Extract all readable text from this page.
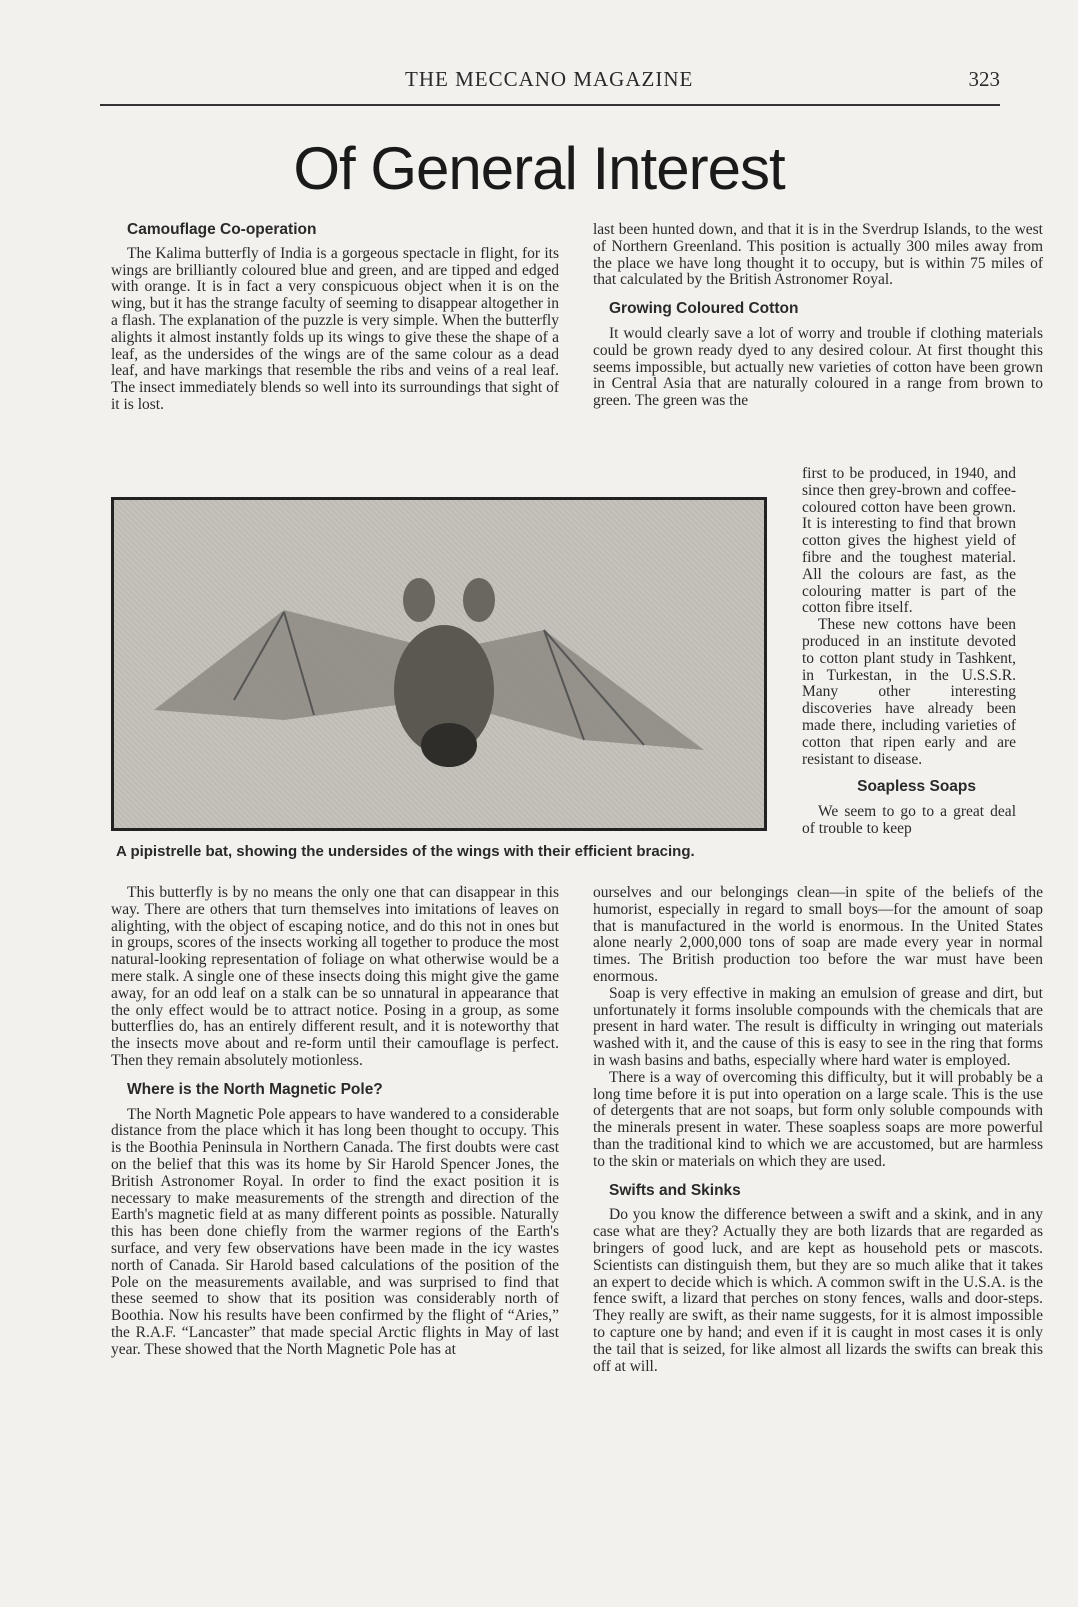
THE MECCANO MAGAZINE	323
Of General Interest

Camouflage Co-operation

The Kalima butterfly of India is a gorgeous spectacle in flight, for its wings are brilliantly coloured blue and green, and are tipped and edged with orange. It is in fact a very conspicuous object when it is on the wing, but it has the strange faculty of seeming to disappear altogether in a flash. The explanation of the puzzle is very simple. When the butterfly alights it almost instantly folds up its wings to give these the shape of a leaf, as the undersides of the wings are of the same colour as a dead leaf, and have markings that resemble the ribs and veins of a real leaf. The insect immediately blends so well into its surroundings that sight of it is lost.

last been hunted down, and that it is in the Sverdrup Islands, to the west of Northern Greenland. This position is actually 300 miles away from the place we have long thought it to occupy, but is within 75 miles of that calculated by the British Astronomer Royal.

Growing Coloured Cotton

It would clearly save a lot of worry and trouble if clothing materials could be grown ready dyed to any desired colour. At first thought this seems impossible, but actually new varieties of cotton have been grown in Central Asia that are naturally coloured in a range from brown to green. The green was the

first to be produced, in 1940, and since then grey-brown and coffee-coloured cotton have been grown. It is interesting to find that brown cotton gives the highest yield of fibre and the toughest material. All the colours are fast, as the colouring matter is part of the cotton fibre itself.

These new cottons have been produced in an institute devoted to cotton plant study in Tashkent, in Turkestan, in the U.S.S.R. Many other interesting discoveries have already been made there, including varieties of cotton that ripen early and are resistant to disease.

Soapless Soaps

We seem to go to a great deal of trouble to keep

A pipistrelle bat, showing the undersides of the wings with their efficient bracing.

This butterfly is by no means the only one that can disappear in this way. There are others that turn themselves into imitations of leaves on alighting, with the object of escaping notice, and do this not in ones but in groups, scores of the insects working all together to produce the most natural-looking representation of foliage on what otherwise would be a mere stalk. A single one of these insects doing this might give the game away, for an odd leaf on a stalk can be so unnatural in appearance that the only effect would be to attract notice. Posing in a group, as some butterflies do, has an entirely different result, and it is noteworthy that the insects move about and re-form until their camouflage is perfect. Then they remain absolutely motionless.

Where is the North Magnetic Pole?

The North Magnetic Pole appears to have wandered to a considerable distance from the place which it has long been thought to occupy. This is the Boothia Peninsula in Northern Canada. The first doubts were cast on the belief that this was its home by Sir Harold Spencer Jones, the British Astronomer Royal. In order to find the exact position it is necessary to make measurements of the strength and direction of the Earth's magnetic field at as many different points as possible. Naturally this has been done chiefly from the warmer regions of the Earth's surface, and very few observations have been made in the icy wastes north of Canada. Sir Harold based calculations of the position of the Pole on the measurements available, and was surprised to find that these seemed to show that its position was considerably north of Boothia. Now his results have been confirmed by the flight of “Aries,” the R.A.F. “Lancaster” that made special Arctic flights in May of last year. These showed that the North Magnetic Pole has at

ourselves and our belongings clean—in spite of the beliefs of the humorist, especially in regard to small boys—for the amount of soap that is manufactured in the world is enormous. In the United States alone nearly 2,000,000 tons of soap are made every year in normal times. The British production too before the war must have been enormous.

Soap is very effective in making an emulsion of grease and dirt, but unfortunately it forms insoluble compounds with the chemicals that are present in hard water. The result is difficulty in wringing out materials washed with it, and the cause of this is easy to see in the ring that forms in wash basins and baths, especially where hard water is employed.

There is a way of overcoming this difficulty, but it will probably be a long time before it is put into operation on a large scale. This is the use of detergents that are not soaps, but form only soluble compounds with the minerals present in water. These soapless soaps are more powerful than the traditional kind to which we are accustomed, but are harmless to the skin or materials on which they are used.

Swifts and Skinks

Do you know the difference between a swift and a skink, and in any case what are they? Actually they are both lizards that are regarded as bringers of good luck, and are kept as household pets or mascots. Scientists can distinguish them, but they are so much alike that it takes an expert to decide which is which. A common swift in the U.S.A. is the fence swift, a lizard that perches on stony fences, walls and door-steps. They really are swift, as their name suggests, for it is almost impossible to capture one by hand; and even if it is caught in most cases it is only the tail that is seized, for like almost all lizards the swifts can break this off at will.
